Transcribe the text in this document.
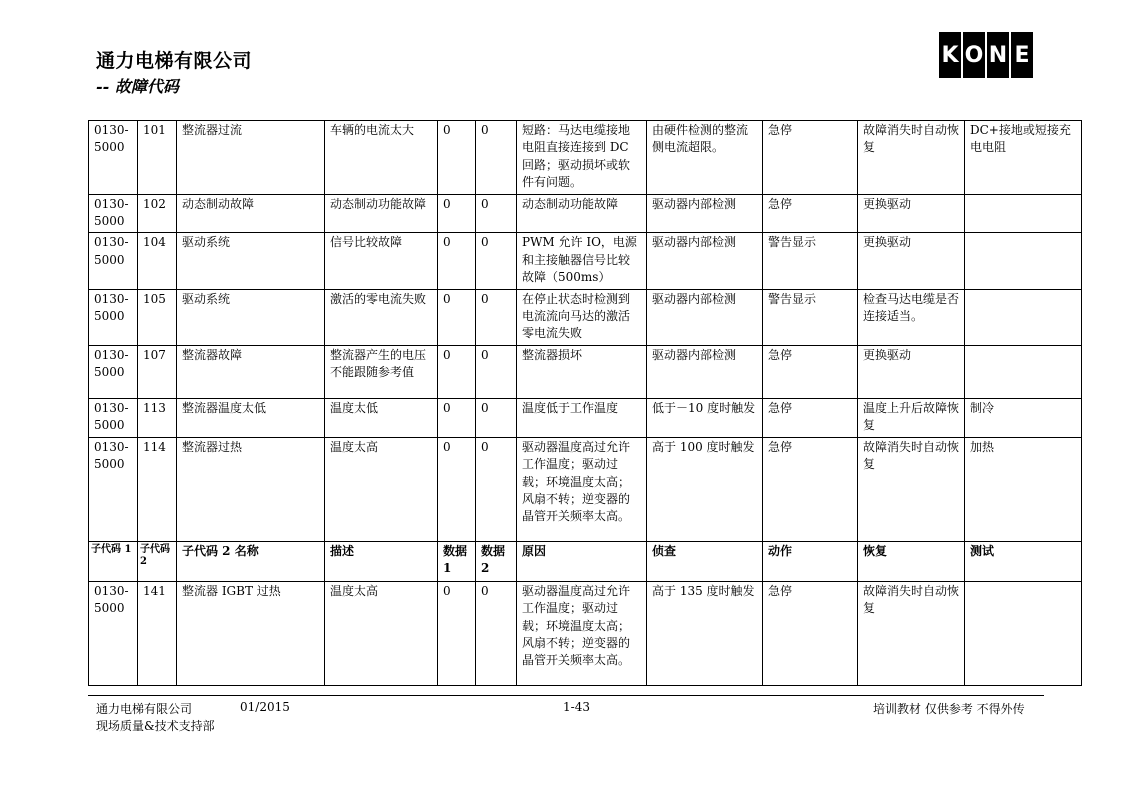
通力电梯有限公司
-- 故障代码
K O N E
0130-5000	101	整流器过流	车辆的电流太大	0	0	短路：马达电缆接地电阻直接连接到 DC 回路；驱动损坏或软件有问题。	由硬件检测的整流侧电流超限。	急停	故障消失时自动恢复	DC+接地或短接充电电阻
0130-5000	102	动态制动故障	动态制动功能故障	0	0	动态制动功能故障	驱动器内部检测	急停	更换驱动	
0130-5000	104	驱动系统	信号比较故障	0	0	PWM 允许 IO，电源和主接触器信号比较故障（500ms）	驱动器内部检测	警告显示	更换驱动	
0130-5000	105	驱动系统	激活的零电流失败	0	0	在停止状态时检测到电流流向马达的激活零电流失败	驱动器内部检测	警告显示	检查马达电缆是否连接适当。	
0130-5000	107	整流器故障	整流器产生的电压不能跟随参考值	0	0	整流器损坏	驱动器内部检测	急停	更换驱动	
0130-5000	113	整流器温度太低	温度太低	0	0	温度低于工作温度	低于－10 度时触发	急停	温度上升后故障恢复	制冷
0130-5000	114	整流器过热	温度太高	0	0	驱动器温度高过允许工作温度；驱动过载；环境温度太高；风扇不转；逆变器的晶管开关频率太高。	高于 100 度时触发	急停	故障消失时自动恢复	加热
子代码 1	子代码 2	子代码 2 名称	描述	数据 1	数据 2	原因	侦查	动作	恢复	测试
0130-5000	141	整流器 IGBT 过热	温度太高	0	0	驱动器温度高过允许工作温度；驱动过载；环境温度太高；风扇不转；逆变器的晶管开关频率太高。	高于 135 度时触发	急停	故障消失时自动恢复	
通力电梯有限公司	01/2015	1-43	培训教材 仅供参考 不得外传
现场质量&技术支持部
